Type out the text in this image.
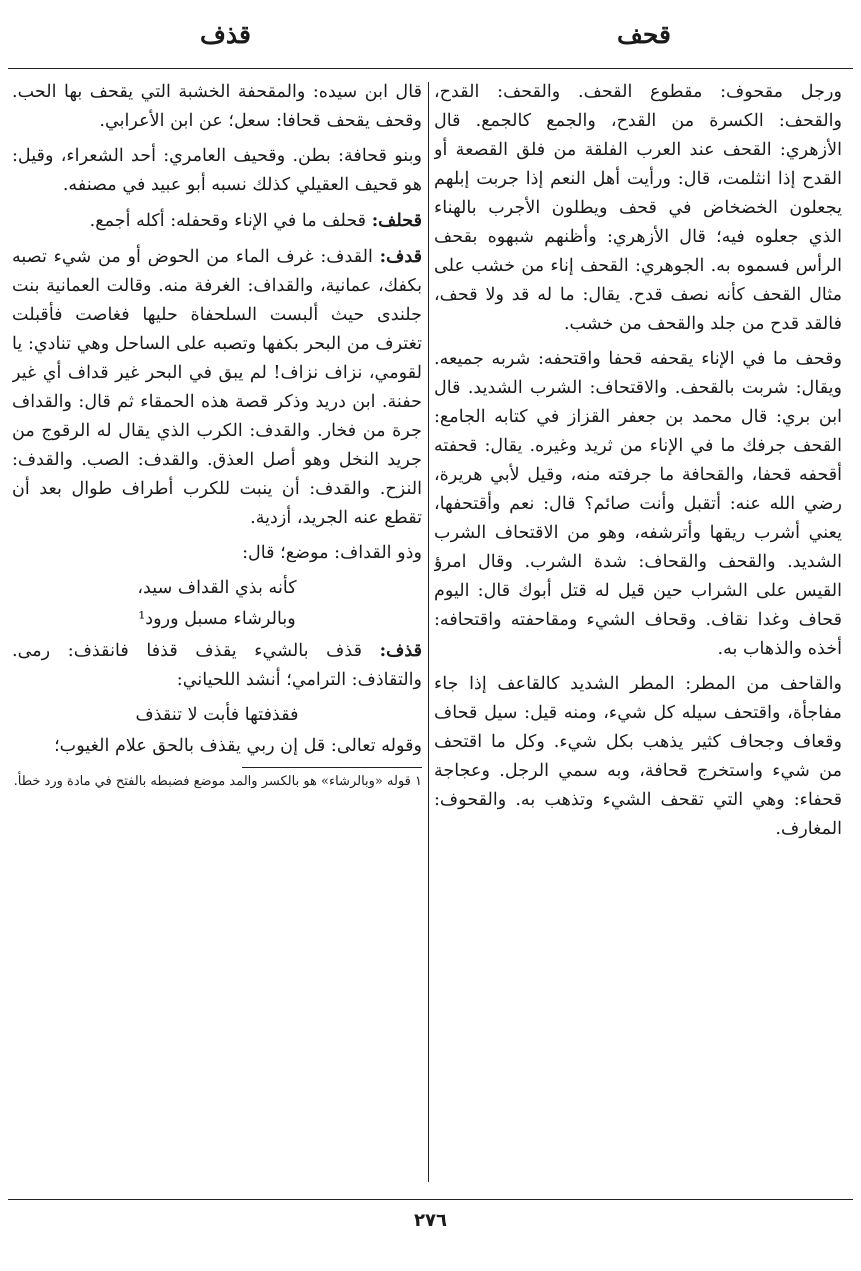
قذف	قحف

ورجل مقحوف: مقطوع القحف. والقحف: القدح، والقحف: الكسرة من القدح، والجمع كالجمع. قال الأزهري: القحف عند العرب الفلقة من فلق القصعة أو القدح إذا انثلمت، قال: ورأيت أهل النعم إذا جربت إبلهم يجعلون الخضخاض في قحف ويطلون الأجرب بالهناء الذي جعلوه فيه؛ قال الأزهري: وأظنهم شبهوه بقحف الرأس فسموه به. الجوهري: القحف إناء من خشب على مثال القحف كأنه نصف قدح. يقال: ما له قد ولا قحف، فالقد قدح من جلد والقحف من خشب.

وقحف ما في الإناء يقحفه قحفا واقتحفه: شربه جميعه. ويقال: شربت بالقحف. والاقتحاف: الشرب الشديد. قال ابن بري: قال محمد بن جعفر القزاز في كتابه الجامع: القحف جرفك ما في الإناء من ثريد وغيره. يقال: قحفته أقحفه قحفا، والقحافة ما جرفته منه، وقيل لأبي هريرة، رضي الله عنه: أتقبل وأنت صائم؟ قال: نعم وأقتحفها، يعني أشرب ريقها وأترشفه، وهو من الاقتحاف الشرب الشديد. والقحف والقحاف: شدة الشرب. وقال امرؤ القيس على الشراب حين قيل له قتل أبوك قال: اليوم قحاف وغدا نقاف. وقحاف الشيء ومقاحفته واقتحافه: أخذه والذهاب به.

والقاحف من المطر: المطر الشديد كالقاعف إذا جاء مفاجأة، واقتحف سيله كل شيء، ومنه قيل: سيل قحاف وقعاف وجحاف كثير يذهب بكل شيء. وكل ما اقتحف من شيء واستخرج قحافة، وبه سمي الرجل. وعجاجة قحفاء: وهي التي تقحف الشيء وتذهب به. والقحوف: المغارف.

قال ابن سيده: والمقحفة الخشبة التي يقحف بها الحب. وقحف يقحف قحافا: سعل؛ عن ابن الأعرابي.

وبنو قحافة: بطن. وقحيف العامري: أحد الشعراء، وقيل: هو قحيف العقيلي كذلك نسبه أبو عبيد في مصنفه.

قحلف: قحلف ما في الإناء وقحفله: أكله أجمع.

قدف: القدف: غرف الماء من الحوض أو من شيء تصبه بكفك، عمانية، والقداف: الغرفة منه. وقالت العمانية بنت جلندى حيث ألبست السلحفاة حليها فغاصت فأقبلت تغترف من البحر بكفها وتصبه على الساحل وهي تنادي: يا لقومي، نزاف نزاف! لم يبق في البحر غير قداف أي غير حفنة. ابن دريد وذكر قصة هذه الحمقاء ثم قال: والقداف جرة من فخار. والقدف: الكرب الذي يقال له الرقوج من جريد النخل وهو أصل العذق. والقدف: الصب. والقدف: النزح. والقدف: أن ينبت للكرب أطراف طوال بعد أن تقطع عنه الجريد، أزدية.

وذو القداف: موضع؛ قال:

كأنه بذي القداف سيد،

وبالرشاء مسبل ورود¹

قذف: قذف بالشيء يقذف قذفا فانقذف: رمى. والتقاذف: الترامي؛ أنشد اللحياني:

فقذفتها فأبت لا تنقذف

وقوله تعالى: قل إن ربي يقذف بالحق علام الغيوب؛

١ قوله «وبالرشاء» هو بالكسر والمد موضع فضبطه بالفتح في مادة ورد خطأ.

٢٧٦
